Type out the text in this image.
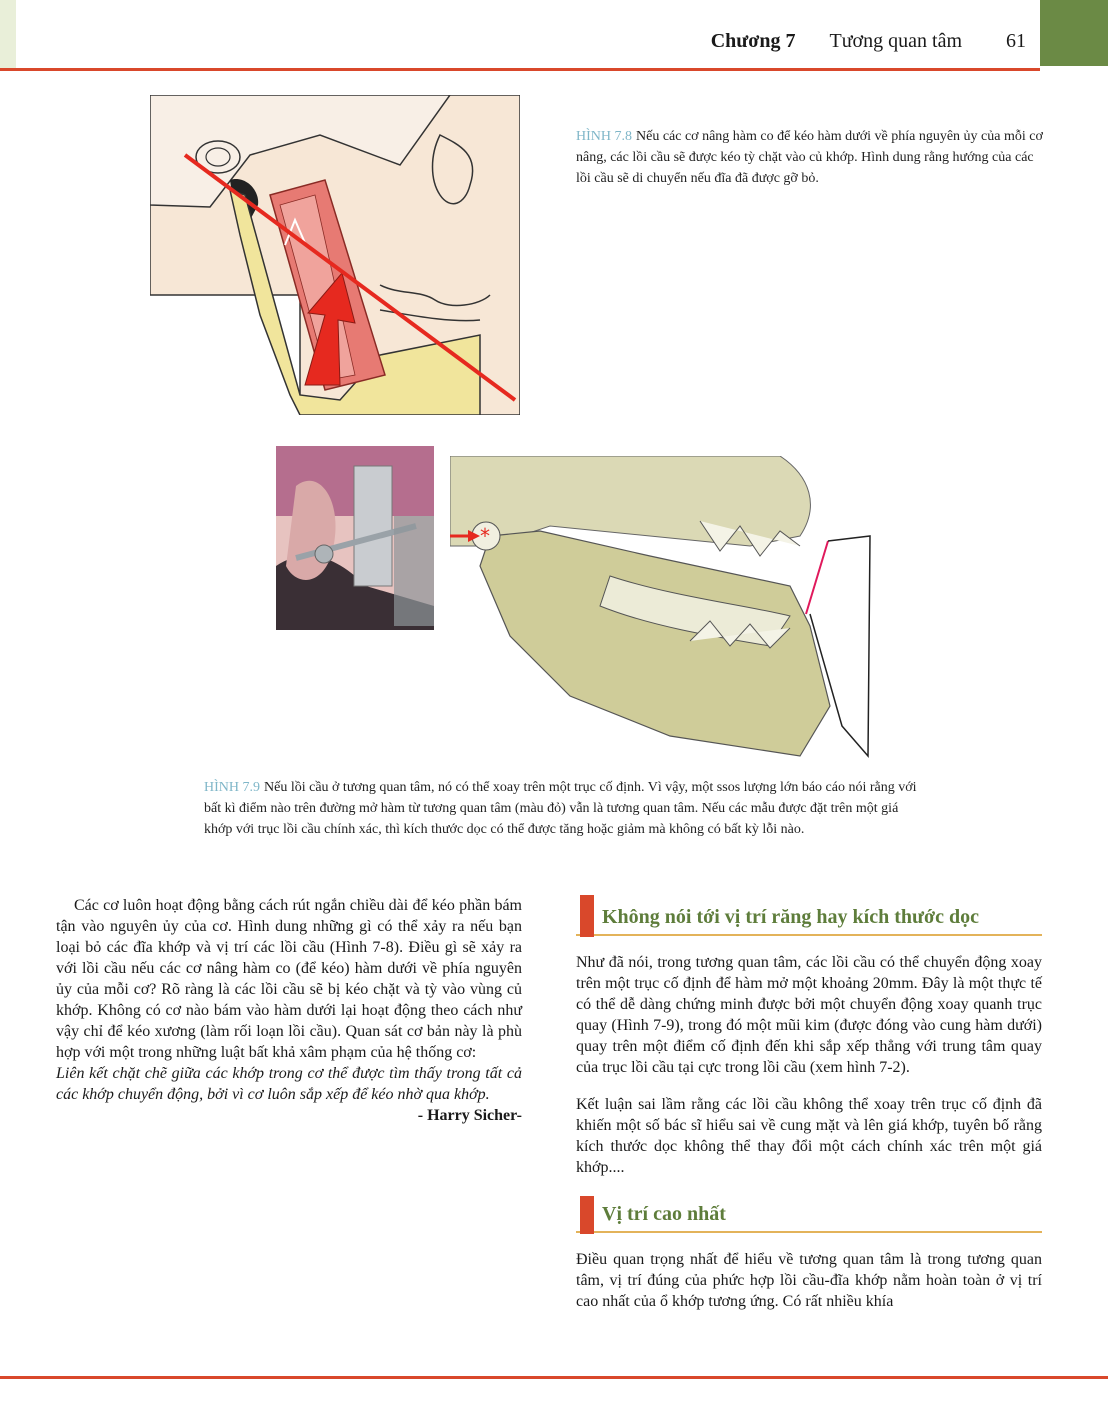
Chương 7 Tương quan tâm 61
HÌNH 7.8 Nếu các cơ nâng hàm co để kéo hàm dưới về phía nguyên ủy của mỗi cơ nâng, các lồi cầu sẽ được kéo tỳ chặt vào củ khớp. Hình dung rằng hướng của các lồi cầu sẽ di chuyển nếu đĩa đã được gỡ bỏ.
*
HÌNH 7.9 Nếu lồi cầu ở tương quan tâm, nó có thể xoay trên một trục cố định. Vì vậy, một ssos lượng lớn báo cáo nói rằng với bất kì điểm nào trên đường mở hàm từ tương quan tâm (màu đỏ) vẫn là tương quan tâm. Nếu các mẫu được đặt trên một giá khớp với trục lồi cầu chính xác, thì kích thước dọc có thể được tăng hoặc giảm mà không có bất kỳ lỗi nào.

Các cơ luôn hoạt động bằng cách rút ngắn chiều dài để kéo phần bám tận vào nguyên ủy của cơ. Hình dung những gì có thể xảy ra nếu bạn loại bỏ các đĩa khớp và vị trí các lồi cầu (Hình 7-8). Điều gì sẽ xảy ra với lồi cầu nếu các cơ nâng hàm co (để kéo) hàm dưới về phía nguyên ủy của mỗi cơ? Rõ ràng là các lồi cầu sẽ bị kéo chặt và tỳ vào vùng củ khớp. Không có cơ nào bám vào hàm dưới lại hoạt động theo cách như vậy chỉ để kéo xương (làm rối loạn lồi cầu). Quan sát cơ bản này là phù hợp với một trong những luật bất khả xâm phạm của hệ thống cơ:

Liên kết chặt chẽ giữa các khớp trong cơ thể được tìm thấy trong tất cả các khớp chuyển động, bởi vì cơ luôn sắp xếp để kéo nhờ qua khớp.

- Harry Sicher-

Không nói tới vị trí răng hay kích thước dọc

Như đã nói, trong tương quan tâm, các lồi cầu có thể chuyển động xoay trên một trục cố định để hàm mở một khoảng 20mm. Đây là một thực tế có thể dễ dàng chứng minh được bởi một chuyển động xoay quanh trục quay (Hình 7-9), trong đó một mũi kim (được đóng vào cung hàm dưới) quay trên một điểm cố định đến khi sắp xếp thẳng với trung tâm quay của trục lồi cầu tại cực trong lồi cầu (xem hình 7-2).

Kết luận sai lầm rằng các lồi cầu không thể xoay trên trục cố định đã khiến một số bác sĩ hiểu sai về cung mặt và lên giá khớp, tuyên bố rằng kích thước dọc không thể thay đổi một cách chính xác trên một giá khớp....

Vị trí cao nhất

Điều quan trọng nhất để hiểu về tương quan tâm là trong tương quan tâm, vị trí đúng của phức hợp lồi cầu-đĩa khớp nằm hoàn toàn ở vị trí cao nhất của ổ khớp tương ứng. Có rất nhiều khía
